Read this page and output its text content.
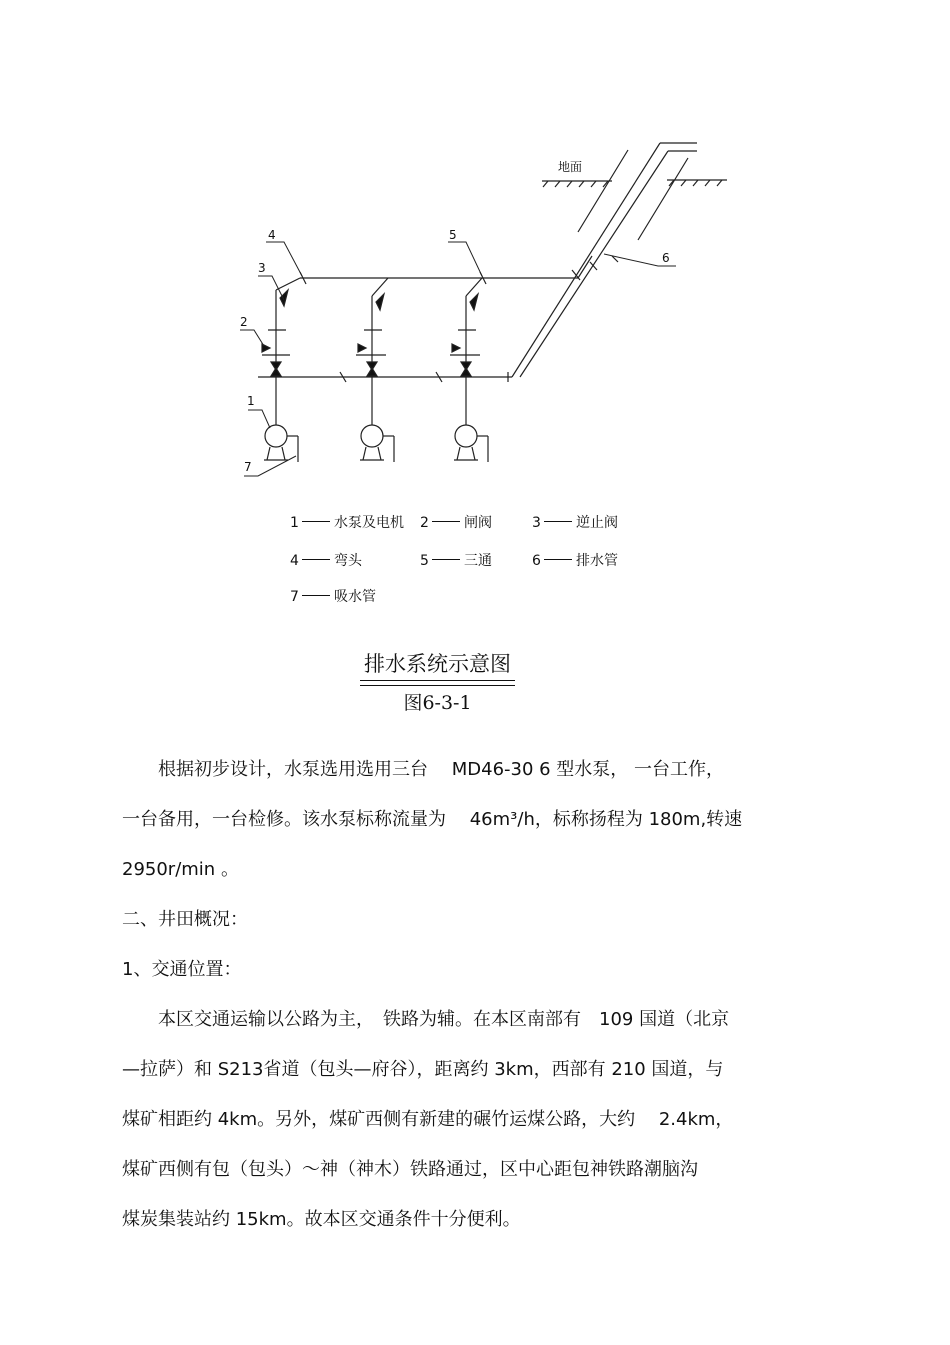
4
3
2
1
7
5
6
地面
1	水泵及电机 2	闸阀	3	逆止阀
4	弯头	5	三通	6	排水管
7	吸水管
排水系统示意图
图6-3-1
　　根据初步设计，水泵选用选用三台　 MD46-30 6 型水泵， 一台工作，
一台备用，一台检修。该水泵标称流量为　 46m³/h，标称扬程为 180m,转速
2950r/min 。
二、井田概况：
1、交通位置：
　　本区交通运输以公路为主，　铁路为辅。在本区南部有　109 国道（北京
—拉萨）和 S213省道（包头—府谷），距离约 3km，西部有 210 国道，与
煤矿相距约 4km。另外，煤矿西侧有新建的碾竹运煤公路，大约　 2.4km，
煤矿西侧有包（包头）～神（神木）铁路通过，区中心距包神铁路潮脑沟
煤炭集装站约 15km。故本区交通条件十分便利。
